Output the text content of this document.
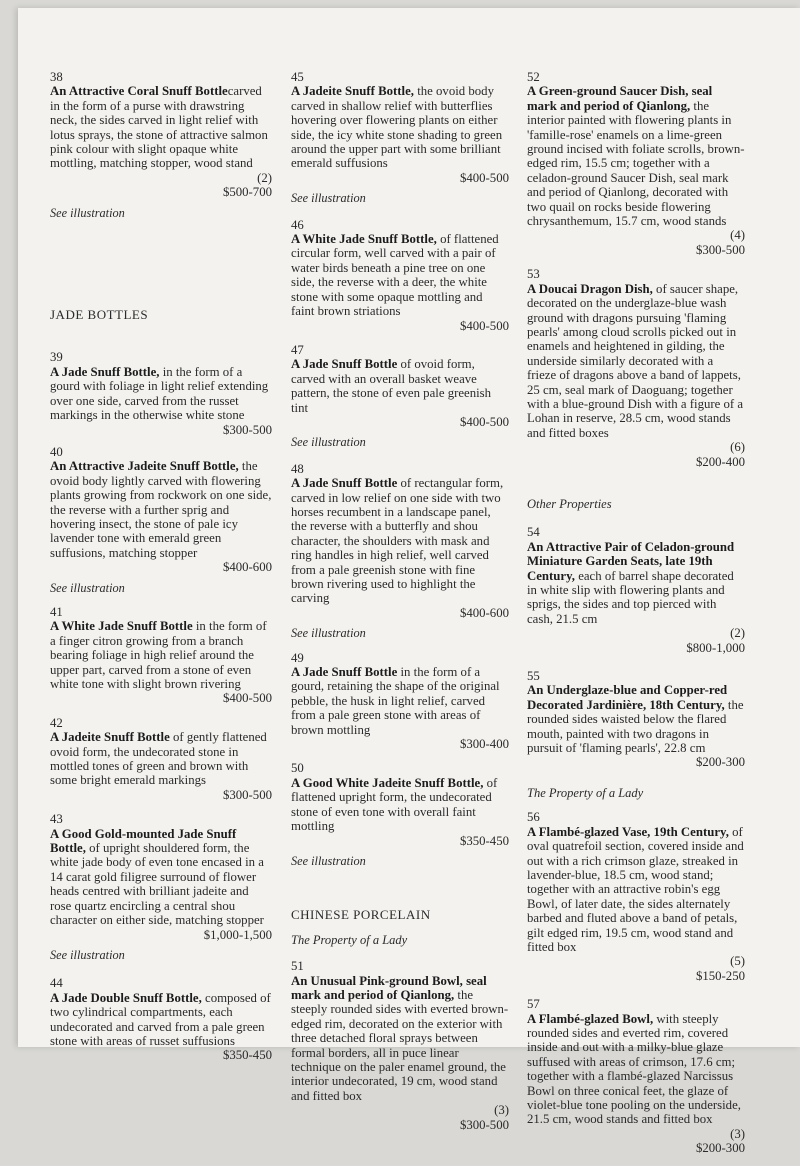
38
An Attractive Coral Snuff Bottlecarved in the form of a purse with drawstring neck, the sides carved in light relief with lotus sprays, the stone of attractive salmon pink colour with slight opaque white mottling, matching stopper, wood stand
(2)
$500-700
See illustration
JADE BOTTLES
39
A Jade Snuff Bottle, in the form of a gourd with foliage in light relief extending over one side, carved from the russet markings in the otherwise white stone
$300-500
40
An Attractive Jadeite Snuff Bottle, the ovoid body lightly carved with flowering plants growing from rockwork on one side, the reverse with a further sprig and hovering insect, the stone of pale icy lavender tone with emerald green suffusions, matching stopper
$400-600
See illustration
41
A White Jade Snuff Bottle in the form of a finger citron growing from a branch bearing foliage in high relief around the upper part, carved from a stone of even white tone with slight brown rivering
$400-500
42
A Jadeite Snuff Bottle of gently flattened ovoid form, the undecorated stone in mottled tones of green and brown with some bright emerald markings
$300-500
43
A Good Gold-mounted Jade Snuff Bottle, of upright shouldered form, the white jade body of even tone encased in a 14 carat gold filigree surround of flower heads centred with brilliant jadeite and rose quartz encircling a central shou character on either side, matching stopper
$1,000-1,500
See illustration
44
A Jade Double Snuff Bottle, composed of two cylindrical compartments, each undecorated and carved from a pale green stone with areas of russet suffusions
$350-450
45
A Jadeite Snuff Bottle, the ovoid body carved in shallow relief with butterflies hovering over flowering plants on either side, the icy white stone shading to green around the upper part with some brilliant emerald suffusions
$400-500
See illustration
46
A White Jade Snuff Bottle, of flattened circular form, well carved with a pair of water birds beneath a pine tree on one side, the reverse with a deer, the white stone with some opaque mottling and faint brown striations
$400-500
47
A Jade Snuff Bottle of ovoid form, carved with an overall basket weave pattern, the stone of even pale greenish tint
$400-500
See illustration
48
A Jade Snuff Bottle of rectangular form, carved in low relief on one side with two horses recumbent in a landscape panel, the reverse with a butterfly and shou character, the shoulders with mask and ring handles in high relief, well carved from a pale greenish stone with fine brown rivering used to highlight the carving
$400-600
See illustration
49
A Jade Snuff Bottle in the form of a gourd, retaining the shape of the original pebble, the husk in light relief, carved from a pale green stone with areas of brown mottling
$300-400
50
A Good White Jadeite Snuff Bottle, of flattened upright form, the undecorated stone of even tone with overall faint mottling
$350-450
See illustration
CHINESE PORCELAIN
The Property of a Lady
51
An Unusual Pink-ground Bowl, seal mark and period of Qianlong, the steeply rounded sides with everted brown-edged rim, decorated on the exterior with three detached floral sprays between formal borders, all in puce linear technique on the paler enamel ground, the interior undecorated, 19 cm, wood stand and fitted box
(3)
$300-500
52
A Green-ground Saucer Dish, seal mark and period of Qianlong, the interior painted with flowering plants in 'famille-rose' enamels on a lime-green ground incised with foliate scrolls, brown-edged rim, 15.5 cm; together with a celadon-ground Saucer Dish, seal mark and period of Qianlong, decorated with two quail on rocks beside flowering chrysanthemum, 15.7 cm, wood stands
(4)
$300-500
53
A Doucai Dragon Dish, of saucer shape, decorated on the underglaze-blue wash ground with dragons pursuing 'flaming pearls' among cloud scrolls picked out in enamels and heightened in gilding, the underside similarly decorated with a frieze of dragons above a band of lappets, 25 cm, seal mark of Daoguang; together with a blue-ground Dish with a figure of a Lohan in reserve, 28.5 cm, wood stands and fitted boxes
(6)
$200-400
Other Properties
54
An Attractive Pair of Celadon-ground Miniature Garden Seats, late 19th Century, each of barrel shape decorated in white slip with flowering plants and sprigs, the sides and top pierced with cash, 21.5 cm
(2)
$800-1,000
55
An Underglaze-blue and Copper-red Decorated Jardinière, 18th Century, the rounded sides waisted below the flared mouth, painted with two dragons in pursuit of 'flaming pearls', 22.8 cm
$200-300
The Property of a Lady
56
A Flambé-glazed Vase, 19th Century, of oval quatrefoil section, covered inside and out with a rich crimson glaze, streaked in lavender-blue, 18.5 cm, wood stand; together with an attractive robin's egg Bowl, of later date, the sides alternately barbed and fluted above a band of petals, gilt edged rim, 19.5 cm, wood stand and fitted box
(5)
$150-250
57
A Flambé-glazed Bowl, with steeply rounded sides and everted rim, covered inside and out with a milky-blue glaze suffused with areas of crimson, 17.6 cm; together with a flambé-glazed Narcissus Bowl on three conical feet, the glaze of violet-blue tone pooling on the underside, 21.5 cm, wood stands and fitted box
(3)
$200-300
